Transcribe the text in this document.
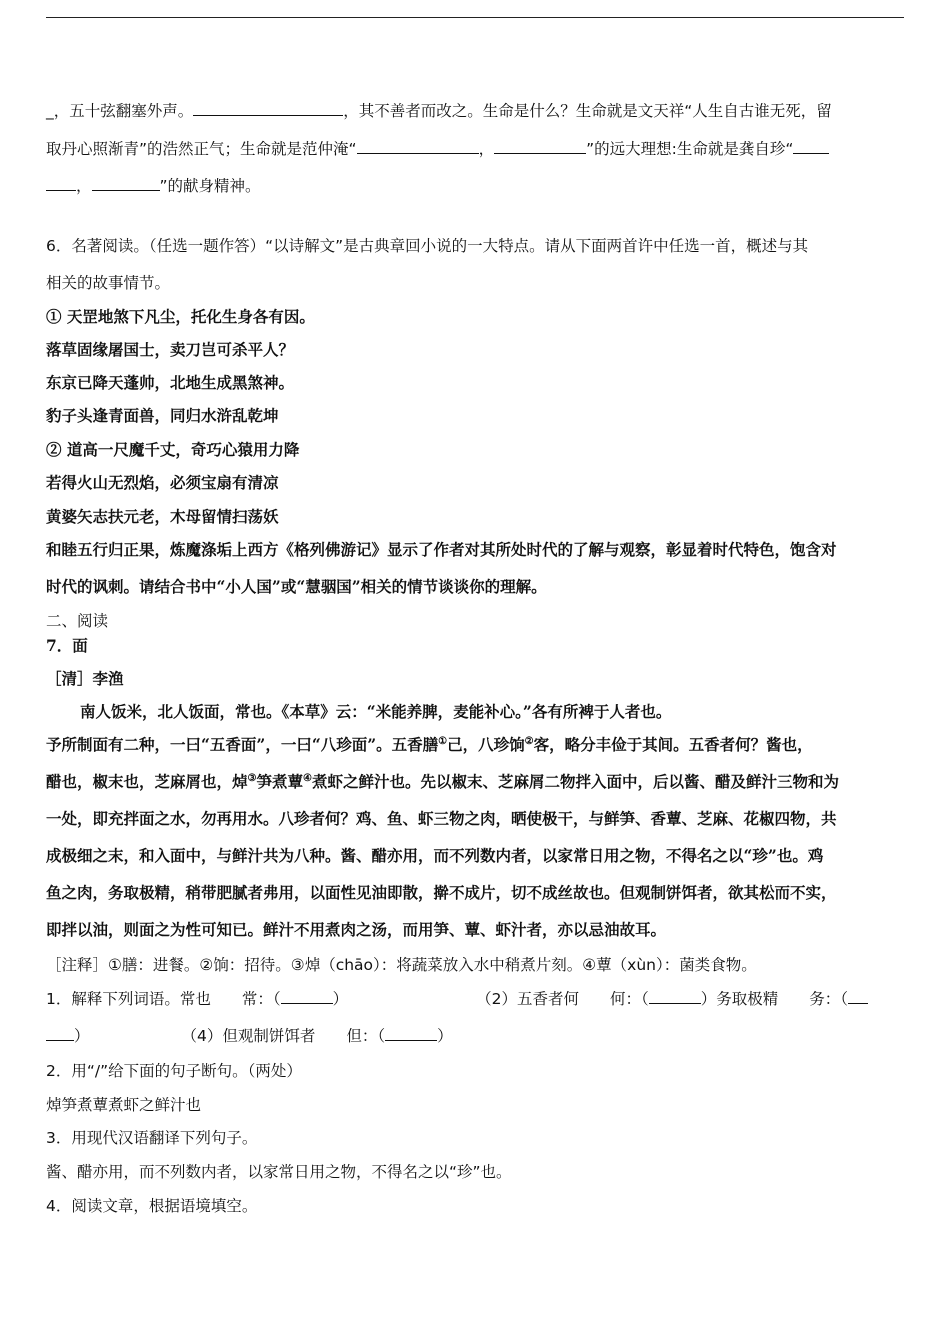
_，五十弦翻塞外声。	，其不善者而改之。生命是什么？生命就是文天祥“人生自古谁无死，留
取丹心照渐青”的浩然正气；生命就是范仲淹“	，	”的远大理想:生命就是龚自珍“
，	”的献身精神。
6．名著阅读。（任选一题作答）“以诗解文”是古典章回小说的一大特点。请从下面两首许中任选一首，概述与其
相关的故事情节。
① 天罡地煞下凡尘，托化生身各有因。
落草固缘屠国士，卖刀岂可杀平人？
东京已降天蓬帅，北地生成黑煞神。
豹子头逢青面兽，同归水浒乱乾坤
② 道高一尺魔千丈，奇巧心猿用力降
若得火山无烈焰，必须宝扇有清凉
黄婆矢志扶元老，木母留情扫荡妖
和睦五行归正果，炼魔涤垢上西方《格列佛游记》显示了作者对其所处时代的了解与观察，彰显着时代特色，饱含对
时代的讽刺。请结合书中“小人国”或“慧骃国”相关的情节谈谈你的理解。
二、阅读
7．面
［清］李渔
南人饭米，北人饭面，常也。《本草》云：“米能养脾，麦能补心。”各有所裨于人者也。
予所制面有二种，一曰“五香面”，一曰“八珍面”。五香膳①己，八珍饷②客，略分丰俭于其间。五香者何？酱也，
醋也，椒末也，芝麻屑也，焯③笋煮蕈④煮虾之鲜汁也。先以椒末、芝麻屑二物拌入面中，后以酱、醋及鲜汁三物和为
一处，即充拌面之水，勿再用水。八珍者何？鸡、鱼、虾三物之肉，晒使极干，与鲜笋、香蕈、芝麻、花椒四物，共
成极细之末，和入面中，与鲜汁共为八种。酱、醋亦用，而不列数内者，以家常日用之物，不得名之以“珍”也。鸡
鱼之肉，务取极精，稍带肥腻者弗用，以面性见油即散，擀不成片，切不成丝故也。但观制饼饵者，欲其松而不实，
即拌以油，则面之为性可知已。鲜汁不用煮肉之汤，而用笋、蕈、虾汁者，亦以忌油故耳。
［注释］①膳：进餐。②饷：招待。③焯（chāo）：将蔬菜放入水中稍煮片刻。④蕈（xùn）：菌类食物。
1．解释下列词语。常也　　常：（	）	（2）五香者何　　何：（	）务取极精　　务：（
）	（4）但观制饼饵者　　但：（	）
2．用“/”给下面的句子断句。（两处）
焯笋煮蕈煮虾之鲜汁也
3．用现代汉语翻译下列句子。
酱、醋亦用，而不列数内者，以家常日用之物，不得名之以“珍”也。
4．阅读文章，根据语境填空。
